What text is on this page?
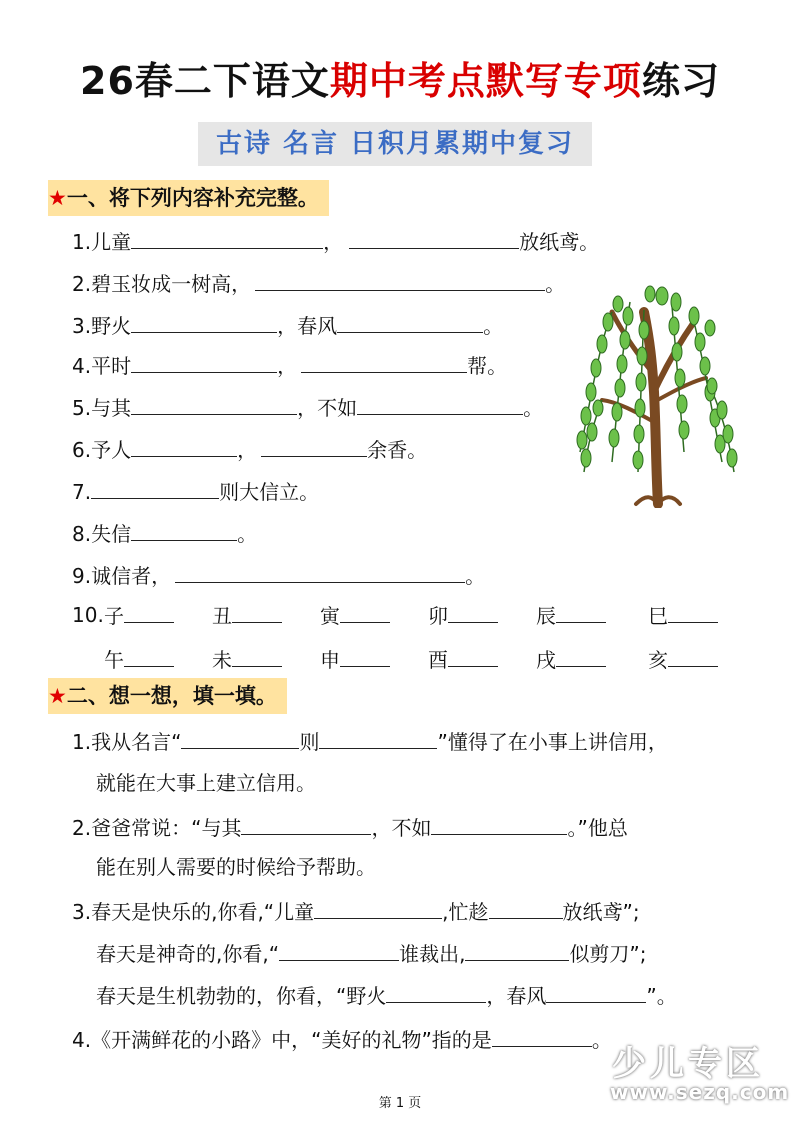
26春二下语文期中考点默写专项练习
古诗 名言 日积月累期中复习
★一、将下列内容补充完整。
1.儿童	，	放纸鸢。
2.碧玉妆成一树高，	。
3.野火	，春风	。
4.平时	，	帮。
5.与其	，不如	。
6.予人	，	余香。
7.	则大信立。
8.失信	。
9.诚信者，	。
10. 子	丑	寅	卯	辰	巳
午	未	申	酉	戌	亥
★二、想一想，填一填。
1.我从名言“	则	”懂得了在小事上讲信用，
就能在大事上建立信用。
2.爸爸常说：“与其	，不如	。”他总
能在别人需要的时候给予帮助。
3.春天是快乐的,你看,“儿童	,忙趁	放纸鸢”;
春天是神奇的,你看,“	谁裁出,	似剪刀”;
春天是生机勃勃的，你看，“野火	，春风	”。
4.《开满鲜花的小路》中，“美好的礼物”指的是	。
第 1 页
少儿专区
www.sezq.com
